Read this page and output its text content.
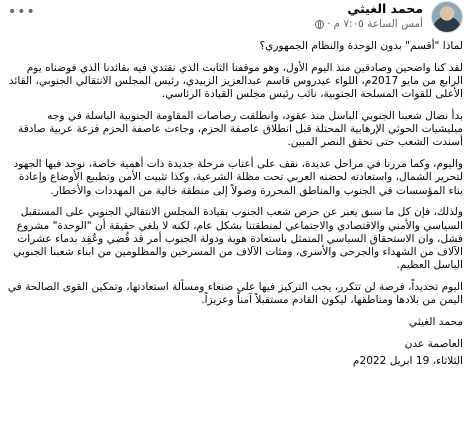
محمد الغيثي
أمس الساعة ٧:٠٥ م
·
•••

لماذا "أقسم" بدون الوحدة والنظام الجمهوري؟

لقد كنا واضحين وصادقين منذ اليوم الأول، وهو موقفنا الثابت الذي نقتدي فيه بقائدنا الذي فوضناه يوم الرابع من مايو 2017م، اللواء عيدروس قاسم عبدالعزيز الزبيدي، رئيس المجلس الانتقالي الجنوبي، القائد الأعلى للقوات المسلحة الجنوبية، نائب رئيس مجلس القيادة الرئاسي.

بدأ نضال شعبنا الجنوبي الباسل منذ عقود، وانطلقت رصاصات المقاومة الجنوبية الباسلة في وجه ميليشيات الحوثي الإرهابية المحتلة قبل انطلاق عاصفة الحزم، وجاءت عاصفة الحزم فزعة عربية صادقة أسندت الشعب حتى تحقق النصر المبين.

واليوم، وكما مررنا في مراحل عديدة، نقف على أعتاب مرحلة جديدة ذات أهمية خاصة، نوحد فيها الجهود لتحرير الشمال، واستعادته لحضنه العربي تحت مظلة الشرعية، وكذا تثبيت الأمن وتطبيع الأوضاع وإعادة بناء المؤسسات في الجنوب والمناطق المحررة وصولاً إلى منطقة خالية من المهددات والأخطار.

ولذلك، فإن كل ما سبق يعبر عن حرص شعب الجنوب بقيادة المجلس الانتقالي الجنوبي على المستقبل السياسي والأمني والاقتصادي والاجتماعي لمنطقتنا بشكل عام، لكنه لا يلغي حقيقة أن "الوحدة" مشروع فشل، وان الاستحقاق السياسي المتمثل باستعادة هوية ودولة الجنوب أمر قد قُضي وعُقِد بدماء عشرات الآلاف من الشهداء والجرحى والأسرى، ومئات الآلاف من المسرحين والمظلومين من ابناء شعبنا الجنوبي الباسل العظيم.

اليوم تحديداً، فرصة لن تتكرر، يجب التركيز فيها على صنعاء ومسألة استعادتها، وتمكين القوى الصالحة في اليمن من بلادها ومناطقها، ليكون القادم مستقبلاً آمناً وعزيزاً.

محمد الغيثي

العاصمة عدن

الثلاثاء، 19 ابريل 2022م
